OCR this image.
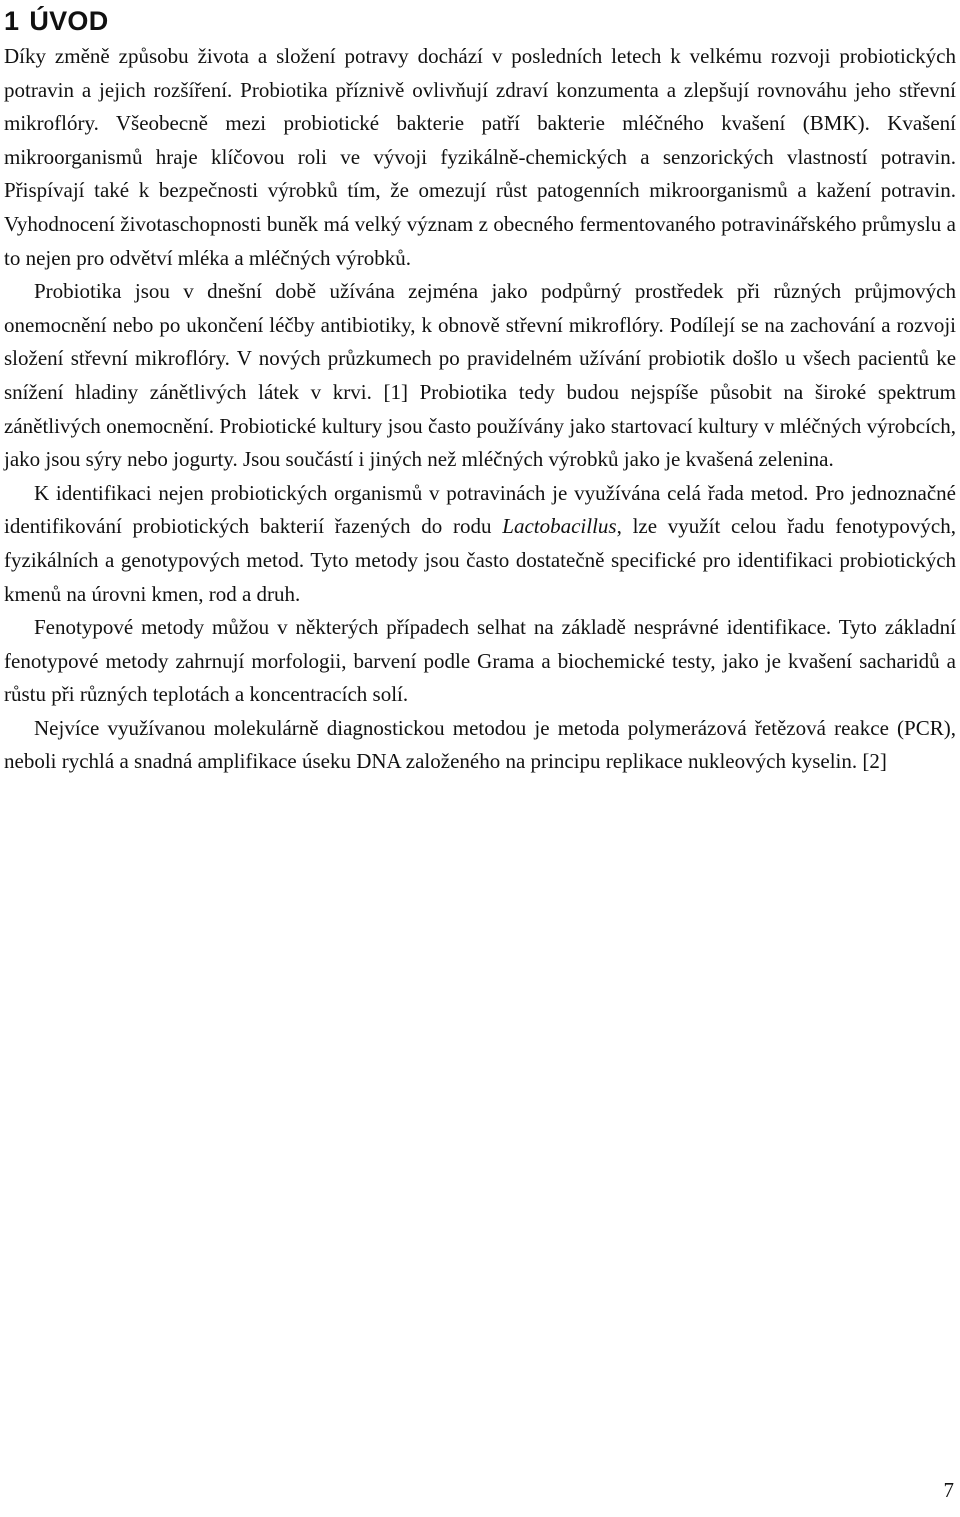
1 ÚVOD

Díky změně způsobu života a složení potravy dochází v posledních letech k velkému rozvoji probiotických potravin a jejich rozšíření. Probiotika příznivě ovlivňují zdraví konzumenta a zlepšují rovnováhu jeho střevní mikroflóry. Všeobecně mezi probiotické bakterie patří bakterie mléčného kvašení (BMK). Kvašení mikroorganismů hraje klíčovou roli ve vývoji fyzikálně-chemických a senzorických vlastností potravin. Přispívají také k bezpečnosti výrobků tím, že omezují růst patogenních mikroorganismů a kažení potravin. Vyhodnocení životaschopnosti buněk má velký význam z obecného fermentovaného potravinářského průmyslu a to nejen pro odvětví mléka a mléčných výrobků.

Probiotika jsou v dnešní době užívána zejména jako podpůrný prostředek při různých průjmových onemocnění nebo po ukončení léčby antibiotiky, k obnově střevní mikroflóry. Podílejí se na zachování a rozvoji složení střevní mikroflóry. V nových průzkumech po pravidelném užívání probiotik došlo u všech pacientů ke snížení hladiny zánětlivých látek v krvi. [1] Probiotika tedy budou nejspíše působit na široké spektrum zánětlivých onemocnění. Probiotické kultury jsou často používány jako startovací kultury v mléčných výrobcích, jako jsou sýry nebo jogurty. Jsou součástí i jiných než mléčných výrobků jako je kvašená zelenina.

K identifikaci nejen probiotických organismů v potravinách je využívána celá řada metod. Pro jednoznačné identifikování probiotických bakterií řazených do rodu Lactobacillus, lze využít celou řadu fenotypových, fyzikálních a genotypových metod. Tyto metody jsou často dostatečně specifické pro identifikaci probiotických kmenů na úrovni kmen, rod a druh.

Fenotypové metody můžou v některých případech selhat na základě nesprávné identifikace. Tyto základní fenotypové metody zahrnují morfologii, barvení podle Grama a biochemické testy, jako je kvašení sacharidů a růstu při různých teplotách a koncentracích solí.

Nejvíce využívanou molekulárně diagnostickou metodou je metoda polymerázová řetězová reakce (PCR), neboli rychlá a snadná amplifikace úseku DNA založeného na principu replikace nukleových kyselin. [2]

7
